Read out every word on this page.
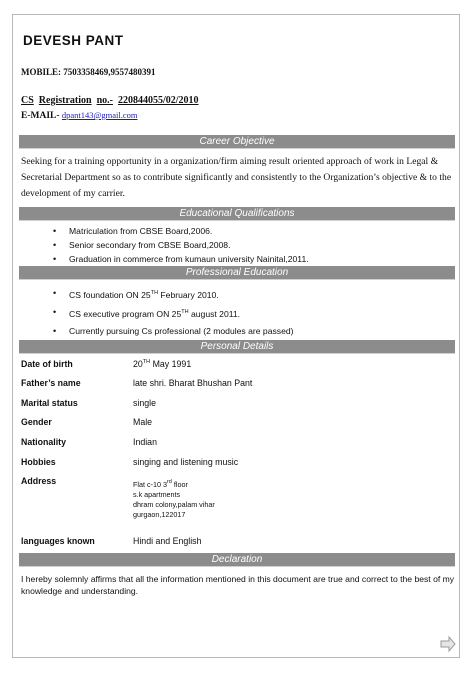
DEVESH PANT
MOBILE: 7503358469,9557480391
CS Registration no.- 220844055/02/2010
E-MAIL- dpant143@gmail.com
Career Objective
Seeking for a training opportunity in a organization/firm aiming result oriented approach of work in Legal & Secretarial Department so as to contribute significantly and consistently to the Organization’s objective & to the development of my carrier.
Educational Qualifications
• Matriculation from CBSE Board,2006.
• Senior secondary from CBSE Board,2008.
• Graduation in commerce from kumaun university Nainital,2011.
Professional Education
• CS foundation ON 25TH February 2010.
• CS executive program ON 25TH august 2011.
• Currently pursuing Cs professional (2 modules are passed)
Personal Details
Date of birth	20TH May 1991
Father’s name	late shri. Bharat Bhushan Pant
Marital status	single
Gender	Male
Nationality	Indian
Hobbies	singing and listening music
Address	Flat c-10 3rd floor
s.k apartments
dhram colony,palam vihar
gurgaon,122017
languages known	Hindi and English
Declaration
I hereby solemnly affirms that all the information mentioned in this document are true and correct to the best of my knowledge and understanding.
